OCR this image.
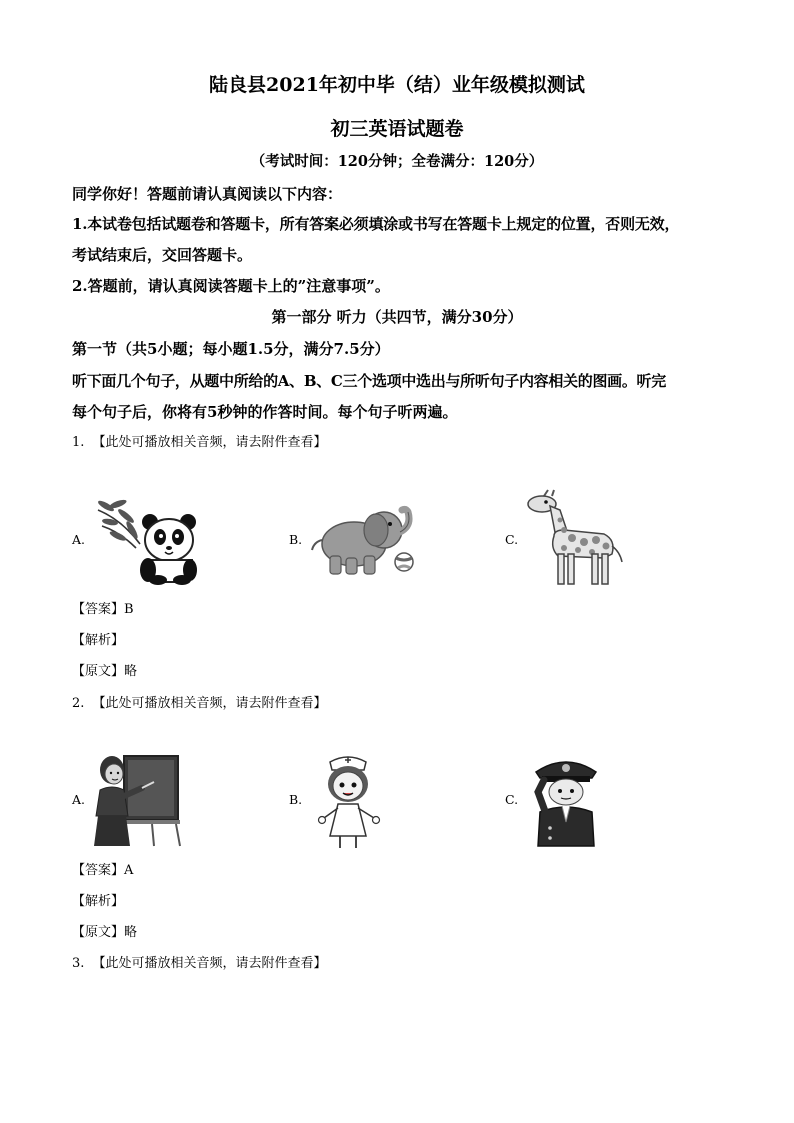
陆良县2021年初中毕（结）业年级模拟测试
初三英语试题卷
（考试时间：120分钟；全卷满分：120分）
同学你好！答题前请认真阅读以下内容：
1.本试卷包括试题卷和答题卡，所有答案必须填涂或书写在答题卡上规定的位置，否则无效，
考试结束后，交回答题卡。
2.答题前，请认真阅读答题卡上的”注意事项”。
第一部分 听力（共四节，满分30分）
第一节（共5小题；每小题1.5分，满分7.5分）
听下面几个句子，从题中所给的A、B、C三个选项中选出与所听句子内容相关的图画。听完
每个句子后，你将有5秒钟的作答时间。每个句子听两遍。
1. 【此处可播放相关音频，请去附件查看】
A.	B.	C.
【答案】B
【解析】
【原文】略
2. 【此处可播放相关音频，请去附件查看】
A.	B.	C.
【答案】A
【解析】
【原文】略
3. 【此处可播放相关音频，请去附件查看】
